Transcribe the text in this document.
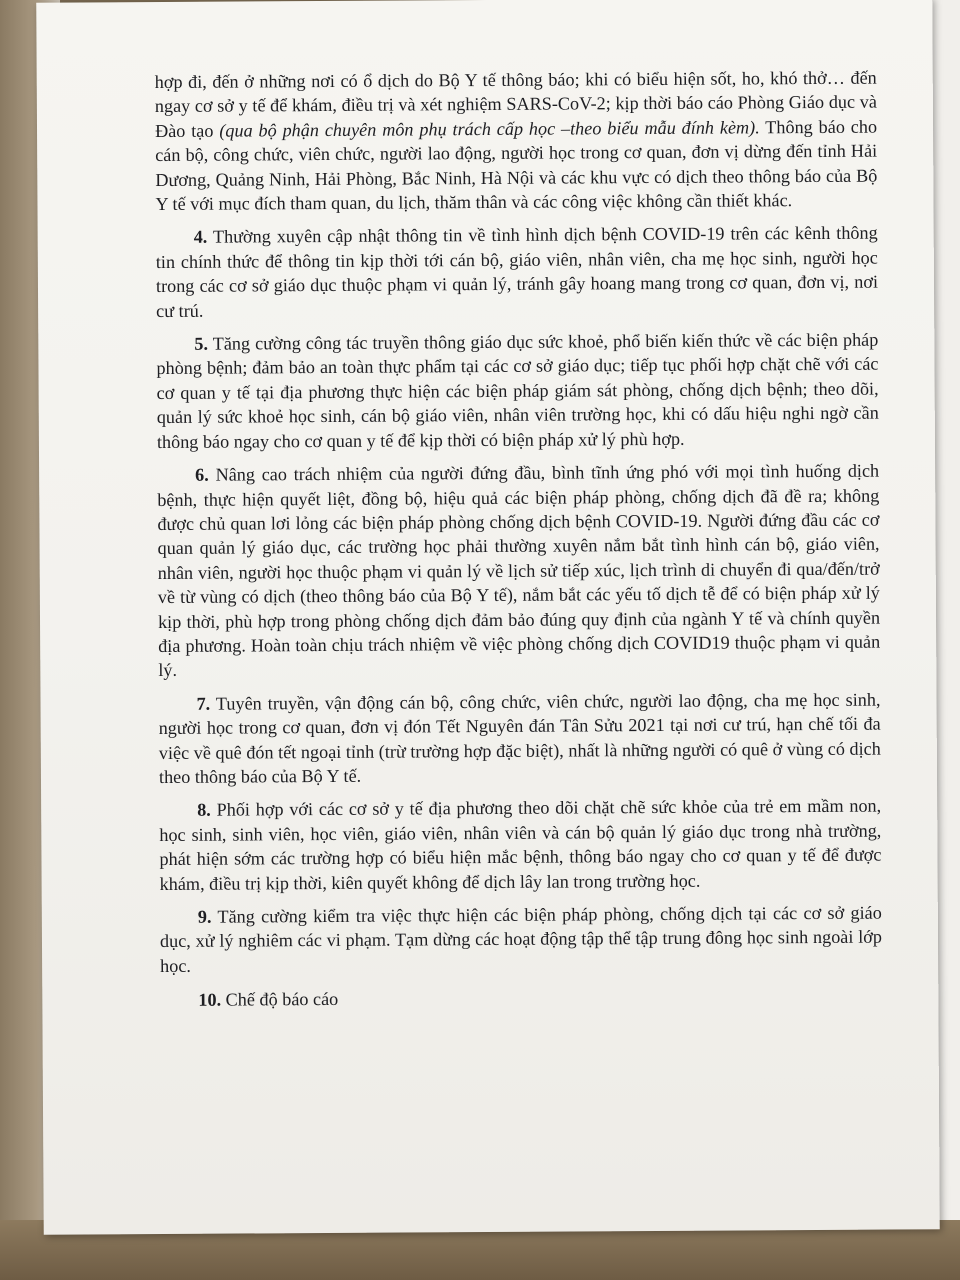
hợp đi, đến ở những nơi có ổ dịch do Bộ Y tế thông báo; khi có biểu hiện sốt, ho, khó thở… đến ngay cơ sở y tế để khám, điều trị và xét nghiệm SARS-CoV-2; kịp thời báo cáo Phòng Giáo dục và Đào tạo (qua bộ phận chuyên môn phụ trách cấp học –theo biểu mẫu đính kèm). Thông báo cho cán bộ, công chức, viên chức, người lao động, người học trong cơ quan, đơn vị dừng đến tỉnh Hải Dương, Quảng Ninh, Hải Phòng, Bắc Ninh, Hà Nội và các khu vực có dịch theo thông báo của Bộ Y tế với mục đích tham quan, du lịch, thăm thân và các công việc không cần thiết khác.

4. Thường xuyên cập nhật thông tin về tình hình dịch bệnh COVID-19 trên các kênh thông tin chính thức để thông tin kịp thời tới cán bộ, giáo viên, nhân viên, cha mẹ học sinh, người học trong các cơ sở giáo dục thuộc phạm vi quản lý, tránh gây hoang mang trong cơ quan, đơn vị, nơi cư trú.

5. Tăng cường công tác truyền thông giáo dục sức khoẻ, phổ biến kiến thức về các biện pháp phòng bệnh; đảm bảo an toàn thực phẩm tại các cơ sở giáo dục; tiếp tục phối hợp chặt chẽ với các cơ quan y tế tại địa phương thực hiện các biện pháp giám sát phòng, chống dịch bệnh; theo dõi, quản lý sức khoẻ học sinh, cán bộ giáo viên, nhân viên trường học, khi có dấu hiệu nghi ngờ cần thông báo ngay cho cơ quan y tế để kịp thời có biện pháp xử lý phù hợp.

6. Nâng cao trách nhiệm của người đứng đầu, bình tĩnh ứng phó với mọi tình huống dịch bệnh, thực hiện quyết liệt, đồng bộ, hiệu quả các biện pháp phòng, chống dịch đã đề ra; không được chủ quan lơi lỏng các biện pháp phòng chống dịch bệnh COVID-19. Người đứng đầu các cơ quan quản lý giáo dục, các trường học phải thường xuyên nắm bắt tình hình cán bộ, giáo viên, nhân viên, người học thuộc phạm vi quản lý về lịch sử tiếp xúc, lịch trình di chuyển đi qua/đến/trở về từ vùng có dịch (theo thông báo của Bộ Y tế), nắm bắt các yếu tố dịch tễ để có biện pháp xử lý kịp thời, phù hợp trong phòng chống dịch đảm bảo đúng quy định của ngành Y tế và chính quyền địa phương. Hoàn toàn chịu trách nhiệm về việc phòng chống dịch COVID19 thuộc phạm vi quản lý.

7. Tuyên truyền, vận động cán bộ, công chức, viên chức, người lao động, cha mẹ học sinh, người học trong cơ quan, đơn vị đón Tết Nguyên đán Tân Sửu 2021 tại nơi cư trú, hạn chế tối đa việc về quê đón tết ngoại tỉnh (trừ trường hợp đặc biệt), nhất là những người có quê ở vùng có dịch theo thông báo của Bộ Y tế.

8. Phối hợp với các cơ sở y tế địa phương theo dõi chặt chẽ sức khỏe của trẻ em mầm non, học sinh, sinh viên, học viên, giáo viên, nhân viên và cán bộ quản lý giáo dục trong nhà trường, phát hiện sớm các trường hợp có biểu hiện mắc bệnh, thông báo ngay cho cơ quan y tế để được khám, điều trị kịp thời, kiên quyết không để dịch lây lan trong trường học.

9. Tăng cường kiểm tra việc thực hiện các biện pháp phòng, chống dịch tại các cơ sở giáo dục, xử lý nghiêm các vi phạm. Tạm dừng các hoạt động tập thể tập trung đông học sinh ngoài lớp học.

10. Chế độ báo cáo
